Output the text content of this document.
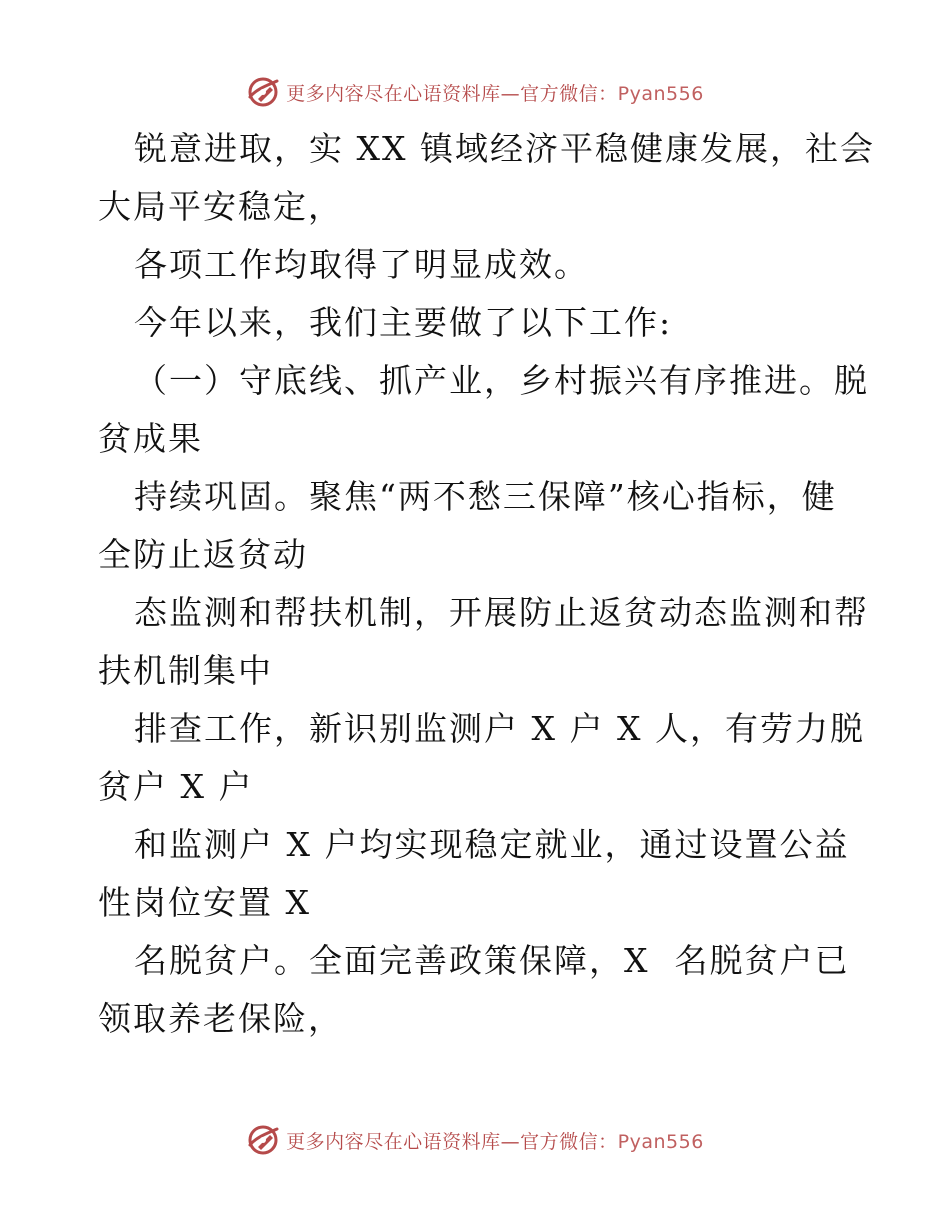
更多内容尽在心语资料库—官方微信：Pyan556
锐意进取，实 XX 镇域经济平稳健康发展，社会
大局平安稳定，
各项工作均取得了明显成效。
今年以来，我们主要做了以下工作:
（一）守底线、抓产业，乡村振兴有序推进。脱
贫成果
持续巩固。聚焦“两不愁三保障”核心指标，健
全防止返贫动
态监测和帮扶机制，开展防止返贫动态监测和帮
扶机制集中
排查工作，新识别监测户 X 户 X 人，有劳力脱
贫户 X 户
和监测户 X 户均实现稳定就业，通过设置公益
性岗位安置 X
名脱贫户。全面完善政策保障，X  名脱贫户已
领取养老保险，
更多内容尽在心语资料库—官方微信：Pyan556
